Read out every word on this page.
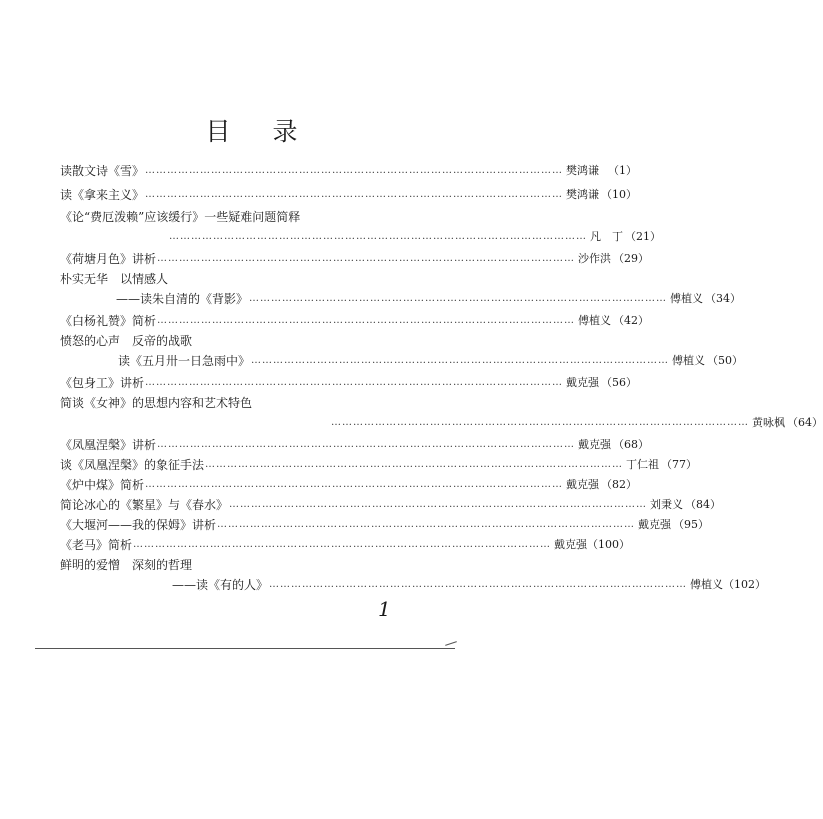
目 录
读散文诗《雪》 …………………………………………………………………………………………………… 樊鸿谦 （1）
读《拿来主义》 …………………………………………………………………………………………………… 樊鸿谦 （10）
《论“费厄泼赖”应该缓行》一些疑难问题简释
…………………………………………………………………………………………………… 凡　丁 （21）
《荷塘月色》讲析 …………………………………………………………………………………………………… 沙作洪 （29）
朴实无华　以情感人
——读朱自清的《背影》 …………………………………………………………………………………………………… 傅植义 （34）
《白杨礼赞》简析 …………………………………………………………………………………………………… 傅植义 （42）
愤怒的心声　反帝的战歌
读《五月卅一日急雨中》 …………………………………………………………………………………………………… 傅植义 （50）
《包身工》讲析 …………………………………………………………………………………………………… 戴克强 （56）
简谈《女神》的思想内容和艺术特色
…………………………………………………………………………………………………… 黄咏枫 （64）
《凤凰涅槃》讲析 …………………………………………………………………………………………………… 戴克强 （68）
谈《凤凰涅槃》的象征手法 …………………………………………………………………………………………………… 丁仁祖 （77）
《炉中煤》简析 …………………………………………………………………………………………………… 戴克强 （82）
简论冰心的《繁星》与《春水》 …………………………………………………………………………………………………… 刘秉义 （84）
《大堰河——我的保姆》讲析 …………………………………………………………………………………………………… 戴克强 （95）
《老马》简析 …………………………………………………………………………………………………… 戴克强 （100）
鲜明的爱憎　深刻的哲理
——读《有的人》 …………………………………………………………………………………………………… 傅植义 （102）
1
